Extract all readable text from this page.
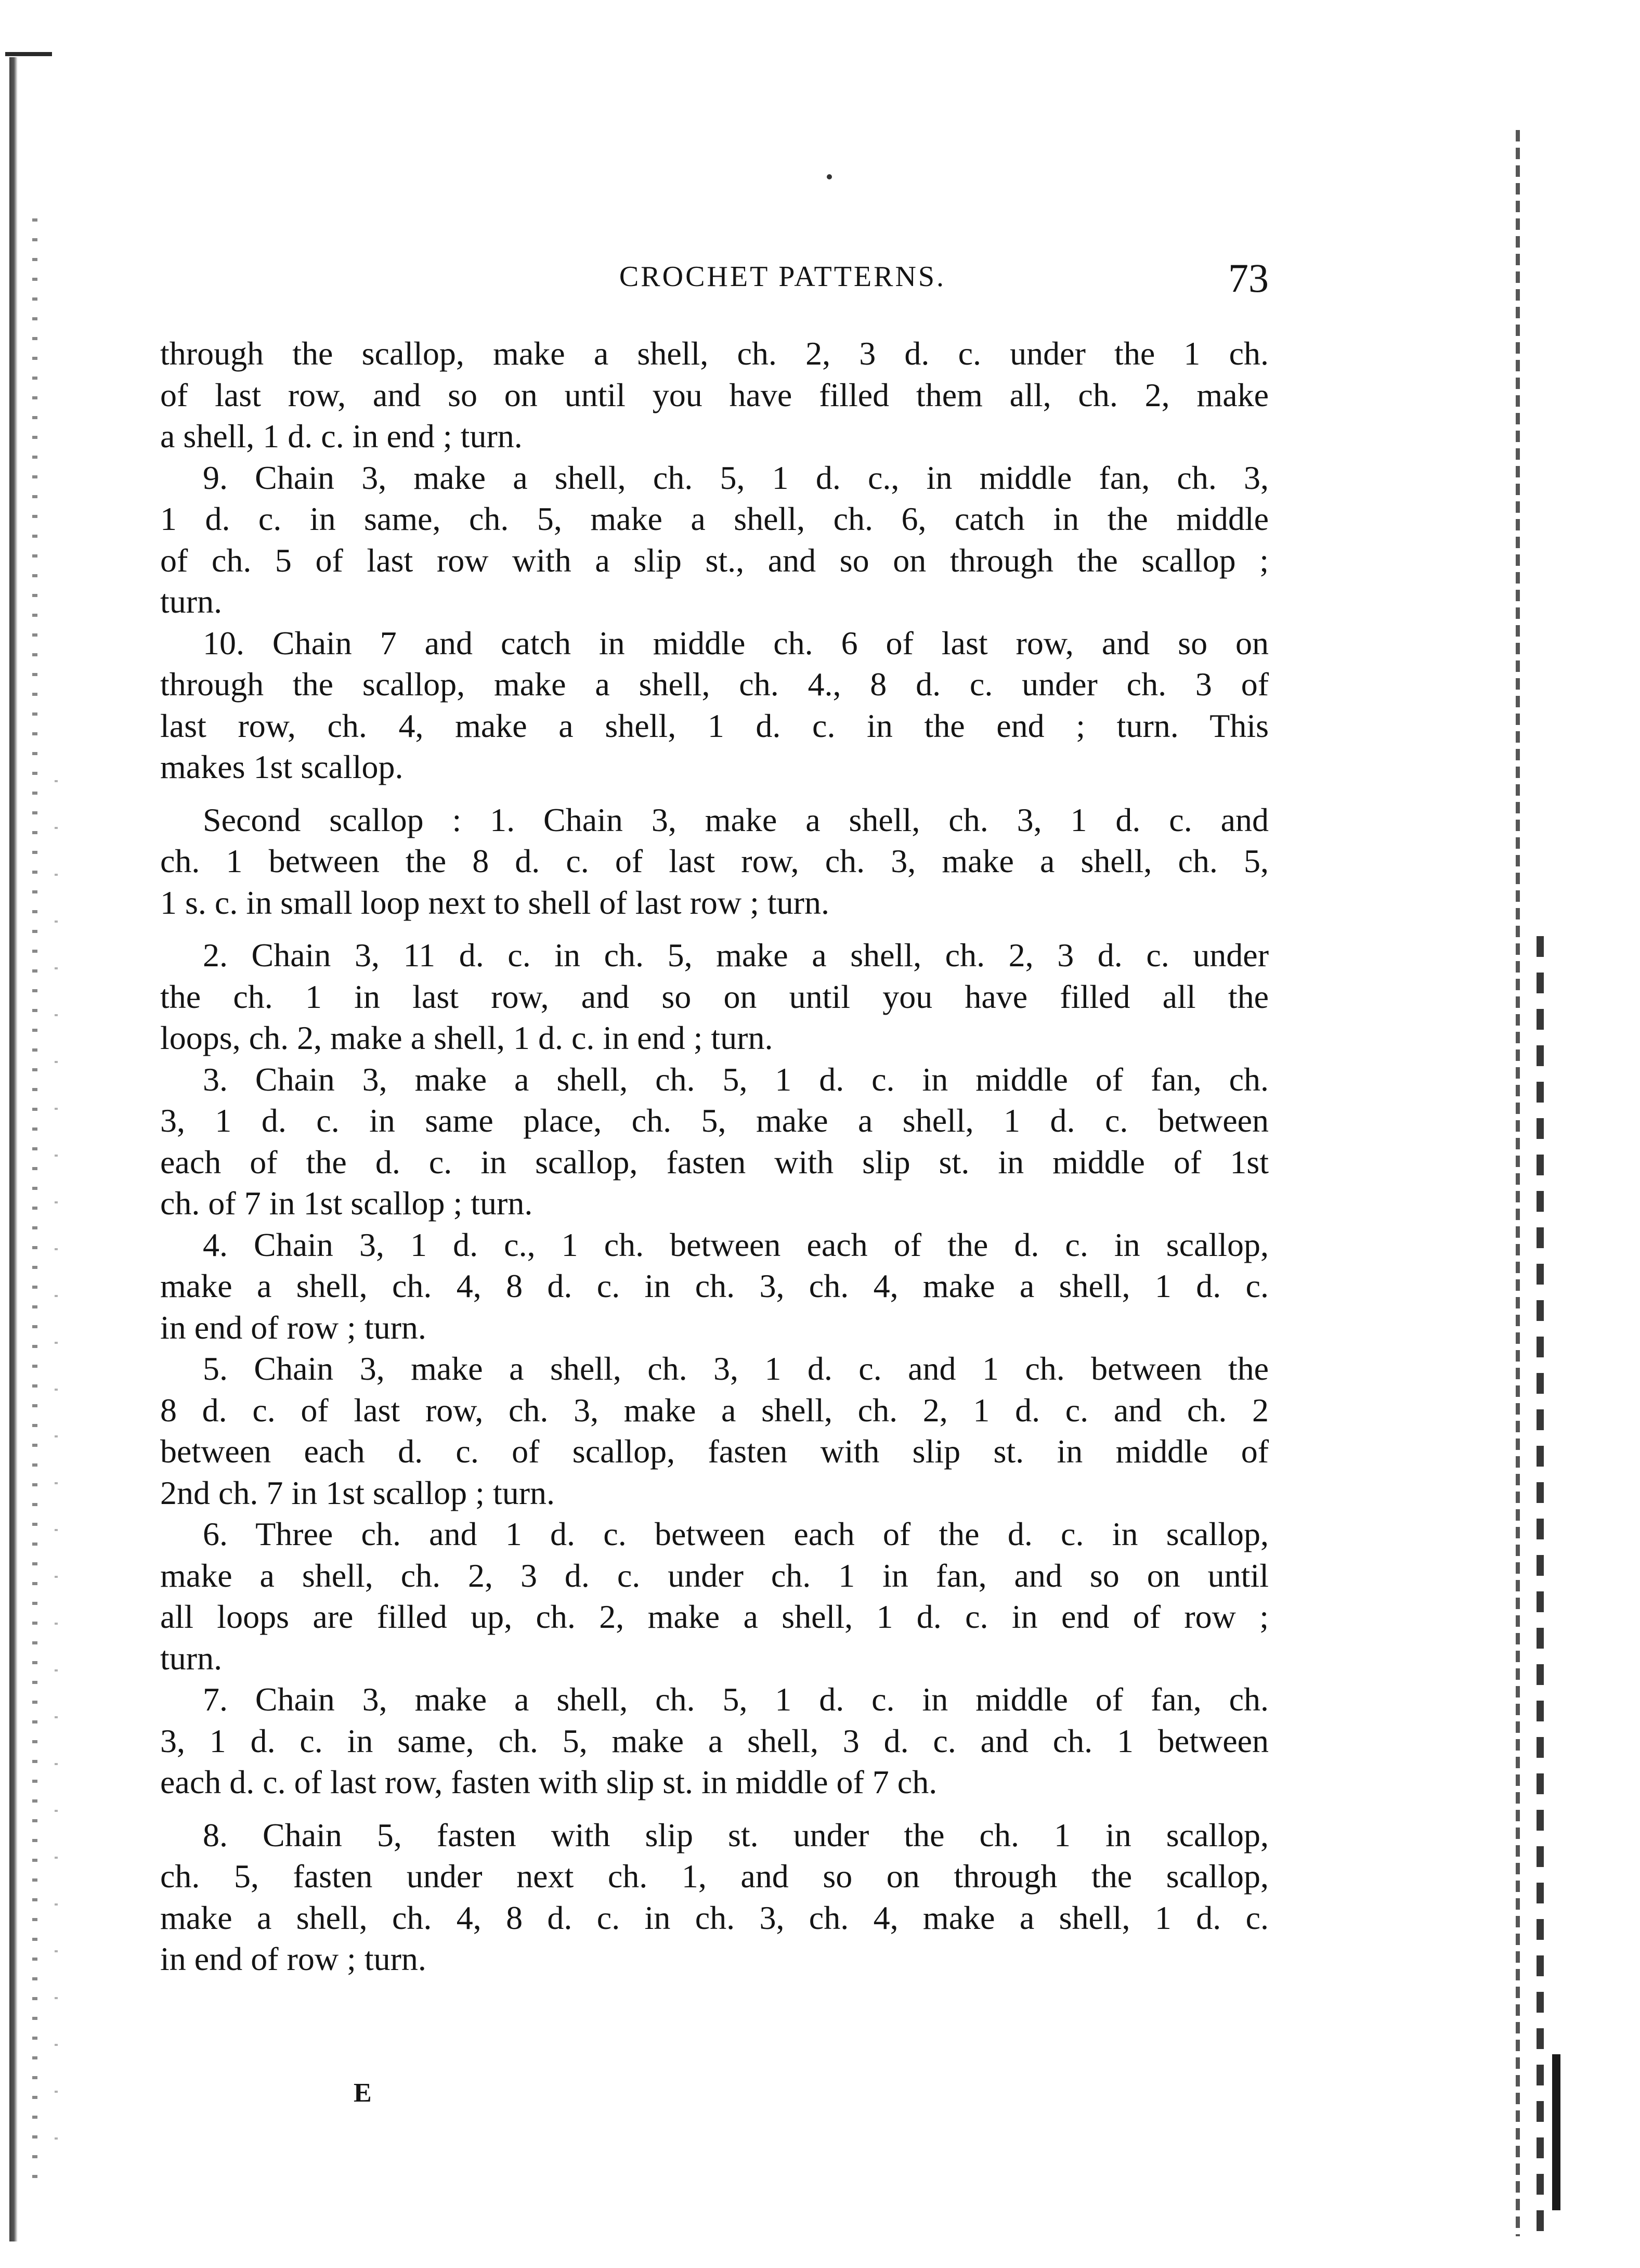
CROCHET PATTERNS.	73
through the scallop, make a shell, ch. 2, 3 d. c. under the 1 ch.
of last row, and so on until you have filled them all, ch. 2, make
a shell, 1 d. c. in end ; turn.
9. Chain 3, make a shell, ch. 5, 1 d. c., in middle fan, ch. 3,
1 d. c. in same, ch. 5, make a shell, ch. 6, catch in the middle
of ch. 5 of last row with a slip st., and so on through the scallop ;
turn.
10. Chain 7 and catch in middle ch. 6 of last row, and so on
through the scallop, make a shell, ch. 4., 8 d. c. under ch. 3 of
last row, ch. 4, make a shell, 1 d. c. in the end ; turn. This
makes 1st scallop.
Second scallop : 1. Chain 3, make a shell, ch. 3, 1 d. c. and
ch. 1 between the 8 d. c. of last row, ch. 3, make a shell, ch. 5,
1 s. c. in small loop next to shell of last row ; turn.
2. Chain 3, 11 d. c. in ch. 5, make a shell, ch. 2, 3 d. c. under
the ch. 1 in last row, and so on until you have filled all the
loops, ch. 2, make a shell, 1 d. c. in end ; turn.
3. Chain 3, make a shell, ch. 5, 1 d. c. in middle of fan, ch.
3, 1 d. c. in same place, ch. 5, make a shell, 1 d. c. between
each of the d. c. in scallop, fasten with slip st. in middle of 1st
ch. of 7 in 1st scallop ; turn.
4. Chain 3, 1 d. c., 1 ch. between each of the d. c. in scallop,
make a shell, ch. 4, 8 d. c. in ch. 3, ch. 4, make a shell, 1 d. c.
in end of row ; turn.
5. Chain 3, make a shell, ch. 3, 1 d. c. and 1 ch. between the
8 d. c. of last row, ch. 3, make a shell, ch. 2, 1 d. c. and ch. 2
between each d. c. of scallop, fasten with slip st. in middle of
2nd ch. 7 in 1st scallop ; turn.
6. Three ch. and 1 d. c. between each of the d. c. in scallop,
make a shell, ch. 2, 3 d. c. under ch. 1 in fan, and so on until
all loops are filled up, ch. 2, make a shell, 1 d. c. in end of row ;
turn.
7. Chain 3, make a shell, ch. 5, 1 d. c. in middle of fan, ch.
3, 1 d. c. in same, ch. 5, make a shell, 3 d. c. and ch. 1 between
each d. c. of last row, fasten with slip st. in middle of 7 ch.
8. Chain 5, fasten with slip st. under the ch. 1 in scallop,
ch. 5, fasten under next ch. 1, and so on through the scallop,
make a shell, ch. 4, 8 d. c. in ch. 3, ch. 4, make a shell, 1 d. c.
in end of row ; turn.
E
